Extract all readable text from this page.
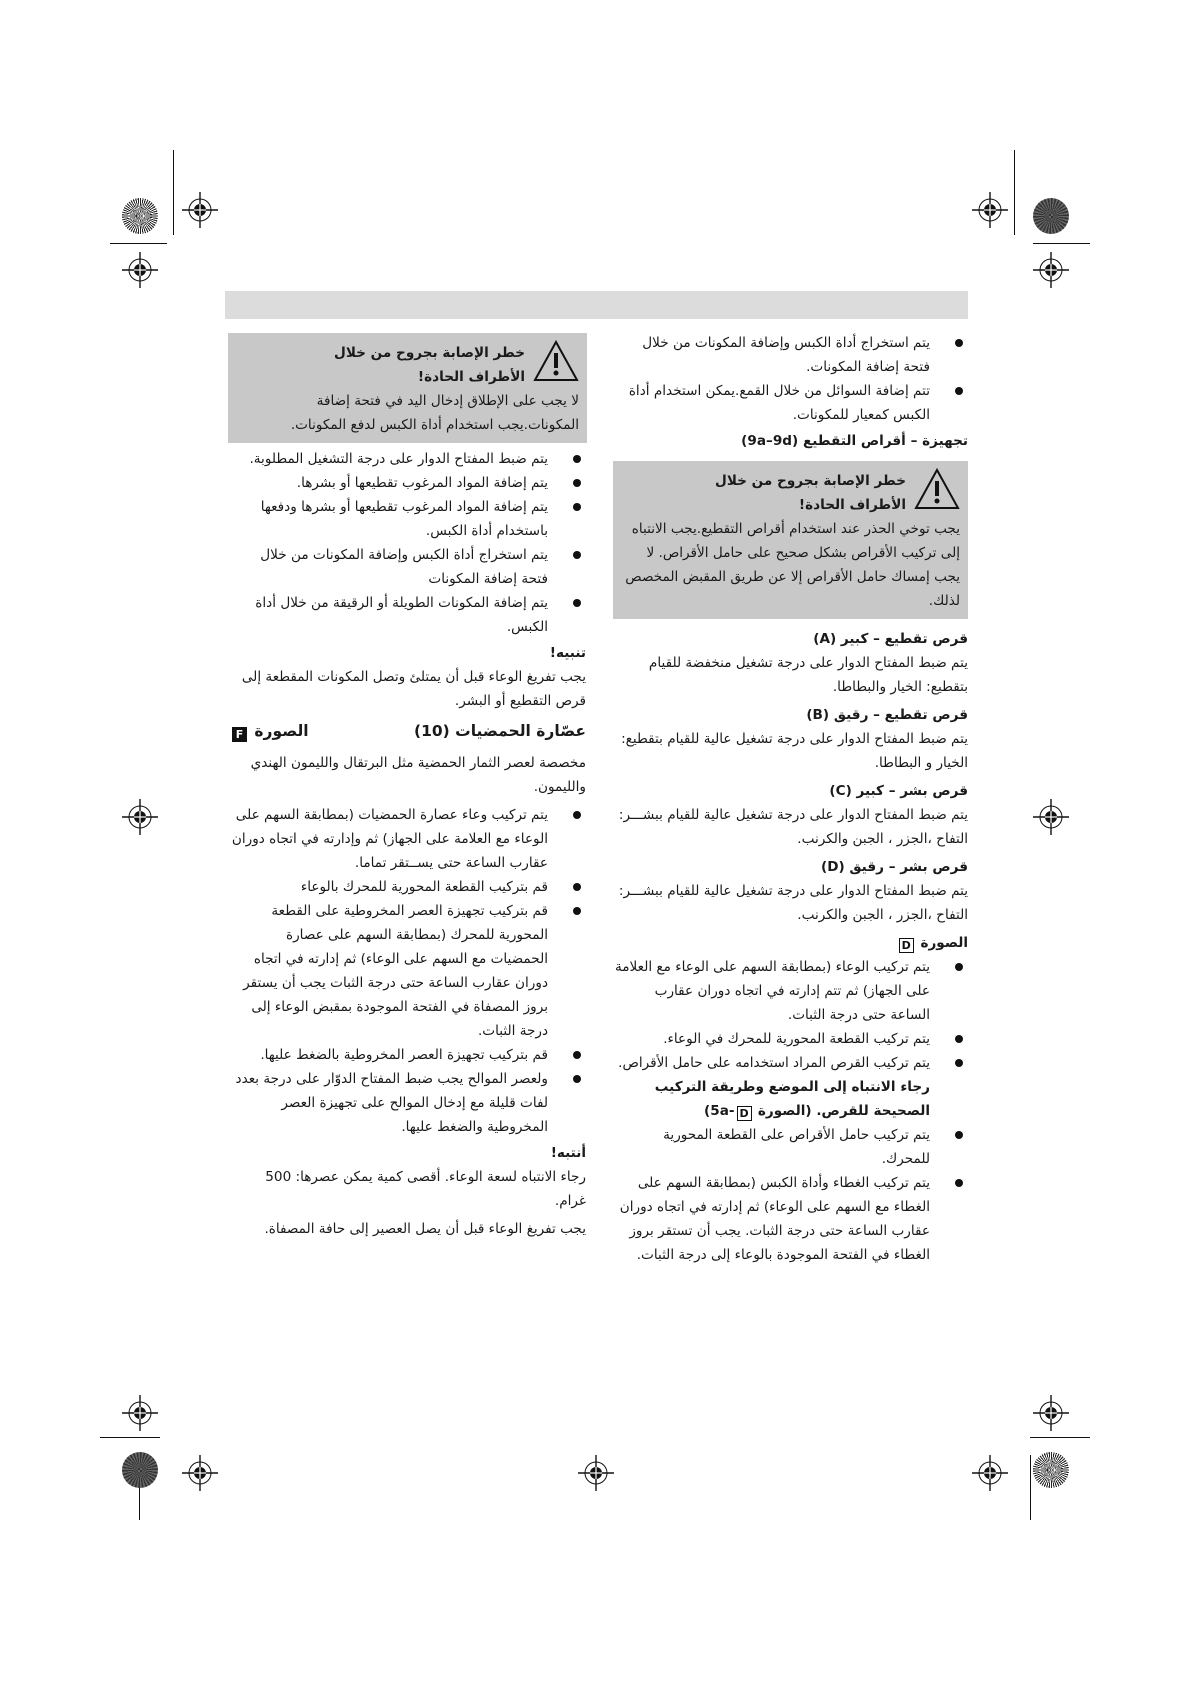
يتم استخراج أداة الكبس وإضافة المكونات من خلال فتحة إضافة المكونات.
تتم إضافة السوائل من خلال القمع.يمكن استخدام أداة الكبس كمعيار للمكونات.
تجهيزة – أقراص التقطيع (9a–9d)
خطر الإصابة بجروح من خلال
الأطراف الحادة!
يجب توخي الحذر عند استخدام أقراص التقطيع.يجب الانتباه إلى تركيب الأقراص بشكل صحيح على حامل الأقراص. لا يجب إمساك حامل الأقراص إلا عن طريق المقبض المخصص لذلك.
قرص تقطيع – كبير (A)
يتم ضبط المفتاح الدوار على درجة تشغيل منخفضة للقيام بتقطيع: الخيار والبطاطا.
قرص تقطيع – رقيق (B)
يتم ضبط المفتاح الدوار على درجة تشغيل عالية للقيام بتقطيع: الخيار و البطاطا.
قرص بشر – كبير (C)
يتم ضبط المفتاح الدوار على درجة تشغيل عالية للقيام ببشـــر: التفاح ،الجزر ، الجبن والكرنب.
قرص بشر – رقيق (D)
يتم ضبط المفتاح الدوار على درجة تشغيل عالية للقيام ببشـــر: التفاح ،الجزر ، الجبن والكرنب.
الصورة D
يتم تركيب الوعاء (بمطابقة السهم على الوعاء مع العلامة على الجهاز) ثم تتم إدارته في اتجاه دوران عقارب الساعة حتى درجة الثبات.
يتم تركيب القطعة المحورية للمحرك في الوعاء.
يتم تركيب القرص المراد استخدامه على حامل الأقراص. رجاء الانتباه إلى الموضع وطريقة التركيب الصحيحة للقرص. (الصورة D-5a)
يتم تركيب حامل الأقراص على القطعة المحورية للمحرك.
يتم تركيب الغطاء وأداة الكبس (بمطابقة السهم على الغطاء مع السهم على الوعاء) ثم إدارته في اتجاه دوران عقارب الساعة حتى درجة الثبات. يجب أن تستقر بروز الغطاء في الفتحة الموجودة بالوعاء إلى درجة الثبات.
خطر الإصابة بجروح من خلال
الأطراف الحادة!
لا يجب على الإطلاق إدخال اليد في فتحة إضافة المكونات.يجب استخدام أداة الكبس لدفع المكونات.
يتم ضبط المفتاح الدوار على درجة التشغيل المطلوبة.
يتم إضافة المواد المرغوب تقطيعها أو بشرها.
يتم إضافة المواد المرغوب تقطيعها أو بشرها ودفعها باستخدام أداة الكبس.
يتم استخراج أداة الكبس وإضافة المكونات من خلال فتحة إضافة المكونات
يتم إضافة المكونات الطويلة أو الرقيقة من خلال أداة الكبس.
تنبيه!
يجب تفريغ الوعاء قبل أن يمتلئ وتصل المكونات المقطعة إلى قرص التقطيع أو البشر.
عصّارة الحمضيات (10)
الصورة F
مخصصة لعصر الثمار الحمضية مثل البرتقال والليمون الهندي والليمون.
يتم تركيب وعاء عصارة الحمضيات (بمطابقة السهم على الوعاء مع العلامة على الجهاز) ثم وإدارته في اتجاه دوران عقارب الساعة حتى يســتقر تماما.
قم بتركيب القطعة المحورية للمحرك بالوعاء
قم بتركيب تجهيزة العصر المخروطية على القطعة المحورية للمحرك (بمطابقة السهم على عصارة الحمضيات مع السهم على الوعاء) ثم إدارته في اتجاه دوران عقارب الساعة حتى درجة الثبات يجب أن يستقر بروز المصفاة في الفتحة الموجودة بمقبض الوعاء إلى درجة الثبات.
قم بتركيب تجهيزة العصر المخروطية بالضغط عليها.
ولعصر الموالح يجب ضبط المفتاح الدوّار على درجة بعدد لفات قليلة مع إدخال الموالح على تجهيزة العصر المخروطية والضغط عليها.
أنتبه!
رجاء الانتباه لسعة الوعاء. أقصى كمية يمكن عصرها: 500 غرام.
يجب تفريغ الوعاء قبل أن يصل العصير إلى حافة المصفاة.
